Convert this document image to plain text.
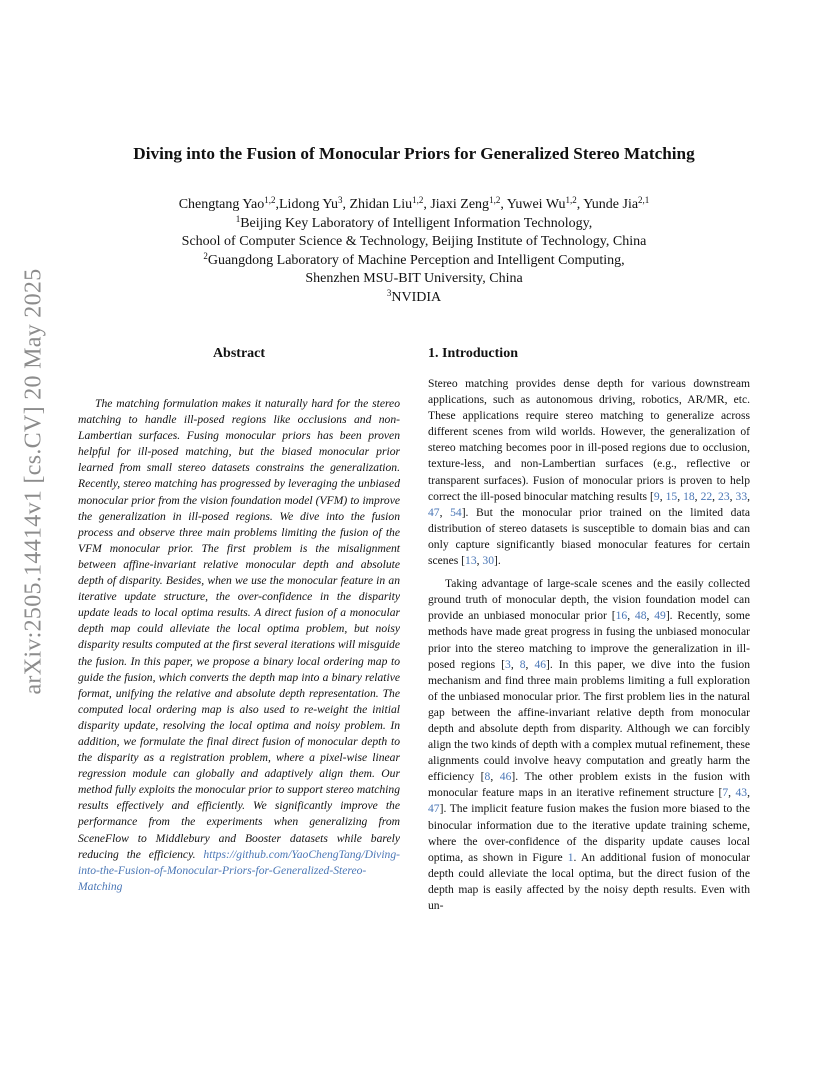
arXiv:2505.14414v1 [cs.CV] 20 May 2025
Diving into the Fusion of Monocular Priors for Generalized Stereo Matching
Chengtang Yao$^{1,2}$,Lidong Yu$^3$, Zhidan Liu$^{1,2}$, Jiaxi Zeng$^{1,2}$, Yuwei Wu$^{1,2}$, Yunde Jia$^{2,1}$
$^1$Beijing Key Laboratory of Intelligent Information Technology,
School of Computer Science & Technology, Beijing Institute of Technology, China
$^2$Guangdong Laboratory of Machine Perception and Intelligent Computing,
Shenzhen MSU-BIT University, China
$^3$NVIDIA
Abstract

The matching formulation makes it naturally hard for the stereo matching to handle ill-posed regions like occlusions and non-Lambertian surfaces. Fusing monocular priors has been proven helpful for ill-posed matching, but the biased monocular prior learned from small stereo datasets constrains the generalization. Recently, stereo matching has progressed by leveraging the unbiased monocular prior from the vision foundation model (VFM) to improve the generalization in ill-posed regions. We dive into the fusion process and observe three main problems limiting the fusion of the VFM monocular prior. The first problem is the misalignment between affine-invariant relative monocular depth and absolute depth of disparity. Besides, when we use the monocular feature in an iterative update structure, the over-confidence in the disparity update leads to local optima results. A direct fusion of a monocular depth map could alleviate the local optima problem, but noisy disparity results computed at the first several iterations will misguide the fusion. In this paper, we propose a binary local ordering map to guide the fusion, which converts the depth map into a binary relative format, unifying the relative and absolute depth representation. The computed local ordering map is also used to re-weight the initial disparity update, resolving the local optima and noisy problem. In addition, we formulate the final direct fusion of monocular depth to the disparity as a registration problem, where a pixel-wise linear regression module can globally and adaptively align them. Our method fully exploits the monocular prior to support stereo matching results effectively and efficiently. We significantly improve the performance from the experiments when generalizing from SceneFlow to Middlebury and Booster datasets while barely reducing the efficiency. https://github.com/YaoChengTang/Diving-into-the-Fusion-of-Monocular-Priors-for-Generalized-Stereo-Matching

1. Introduction

Stereo matching provides dense depth for various downstream applications, such as autonomous driving, robotics, AR/MR, etc. These applications require stereo matching to generalize across different scenes from wild worlds. However, the generalization of stereo matching becomes poor in ill-posed regions due to occlusion, texture-less, and non-Lambertian surfaces (e.g., reflective or transparent surfaces). Fusion of monocular priors is proven to help correct the ill-posed binocular matching results [9, 15, 18, 22, 23, 33, 47, 54]. But the monocular prior trained on the limited data distribution of stereo datasets is susceptible to domain bias and can only capture significantly biased monocular features for certain scenes [13, 30].

Taking advantage of large-scale scenes and the easily collected ground truth of monocular depth, the vision foundation model can provide an unbiased monocular prior [16, 48, 49]. Recently, some methods have made great progress in fusing the unbiased monocular prior into the stereo matching to improve the generalization in ill-posed regions [3, 8, 46]. In this paper, we dive into the fusion mechanism and find three main problems limiting a full exploration of the unbiased monocular prior. The first problem lies in the natural gap between the affine-invariant relative depth from monocular depth and absolute depth from disparity. Although we can forcibly align the two kinds of depth with a complex mutual refinement, these alignments could involve heavy computation and greatly harm the efficiency [8, 46]. The other problem exists in the fusion with monocular feature maps in an iterative refinement structure [7, 43, 47]. The implicit feature fusion makes the fusion more biased to the binocular information due to the iterative update training scheme, where the over-confidence of the disparity update causes local optima, as shown in Figure 1. An additional fusion of monocular depth could alleviate the local optima, but the direct fusion of the depth map is easily affected by the noisy depth results. Even with un-
